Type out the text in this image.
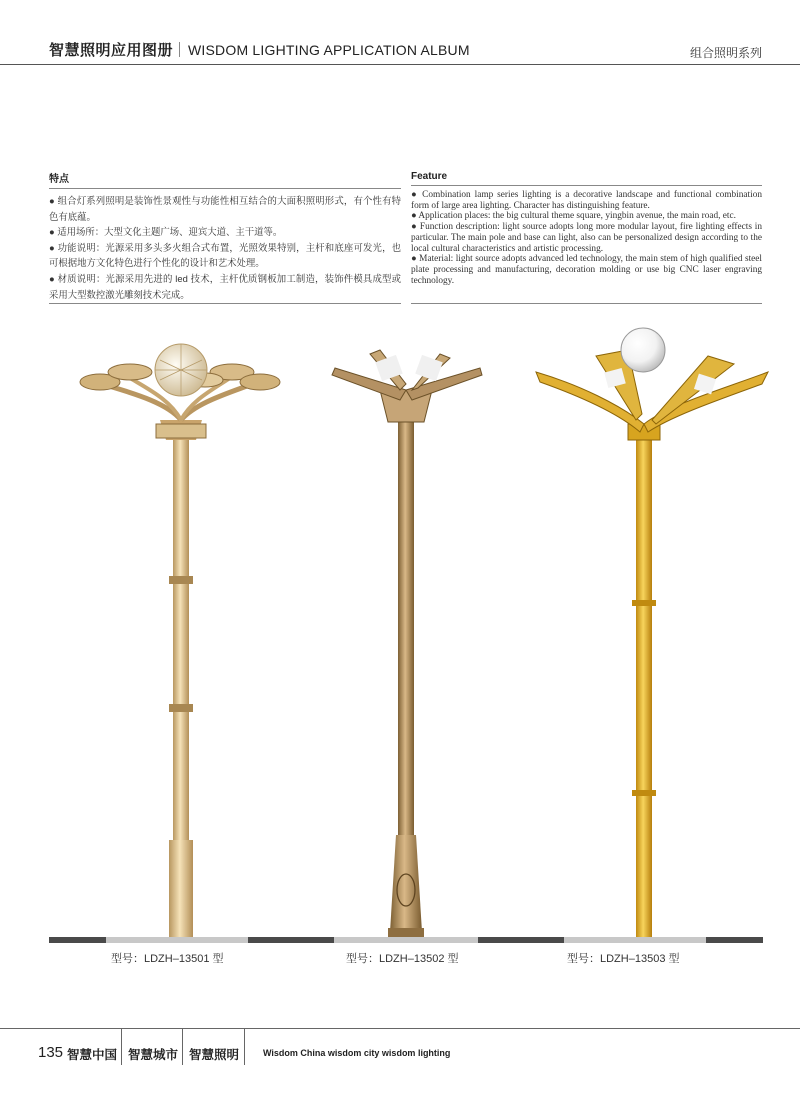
智慧照明应用图册 WISDOM LIGHTING APPLICATION ALBUM	组合照明系列
特点

● 组合灯系列照明是装饰性景观性与功能性相互结合的大面积照明形式，有个性有特色有底蕴。

● 适用场所：大型文化主题广场、迎宾大道、主干道等。

● 功能说明：光源采用多头多火组合式布置，光照效果特别，主杆和底座可发光，也可根据地方文化特色进行个性化的设计和艺术处理。

● 材质说明：光源采用先进的 led 技术，主杆优质钢板加工制造，装饰件模具成型或采用大型数控激光雕刻技术完成。

Feature

● Combination lamp series lighting is a decorative landscape and functional combination form of large area lighting. Character has distinguishing feature.

● Application places: the big cultural theme square, yingbin avenue, the main road, etc.

● Function description: light source adopts long more modular layout, fire lighting effects in particular. The main pole and base can light, also can be personalized design according to the local cultural characteristics and artistic processing.

● Material: light source adopts advanced led technology, the main stem of high qualified steel plate processing and manufacturing, decoration molding or use big CNC laser engraving technology.

型号：LDZH–13501 型	型号：LDZH–13502 型	型号：LDZH–13503 型
135 智慧中国 智慧城市 智慧照明	Wisdom China wisdom city wisdom lighting
